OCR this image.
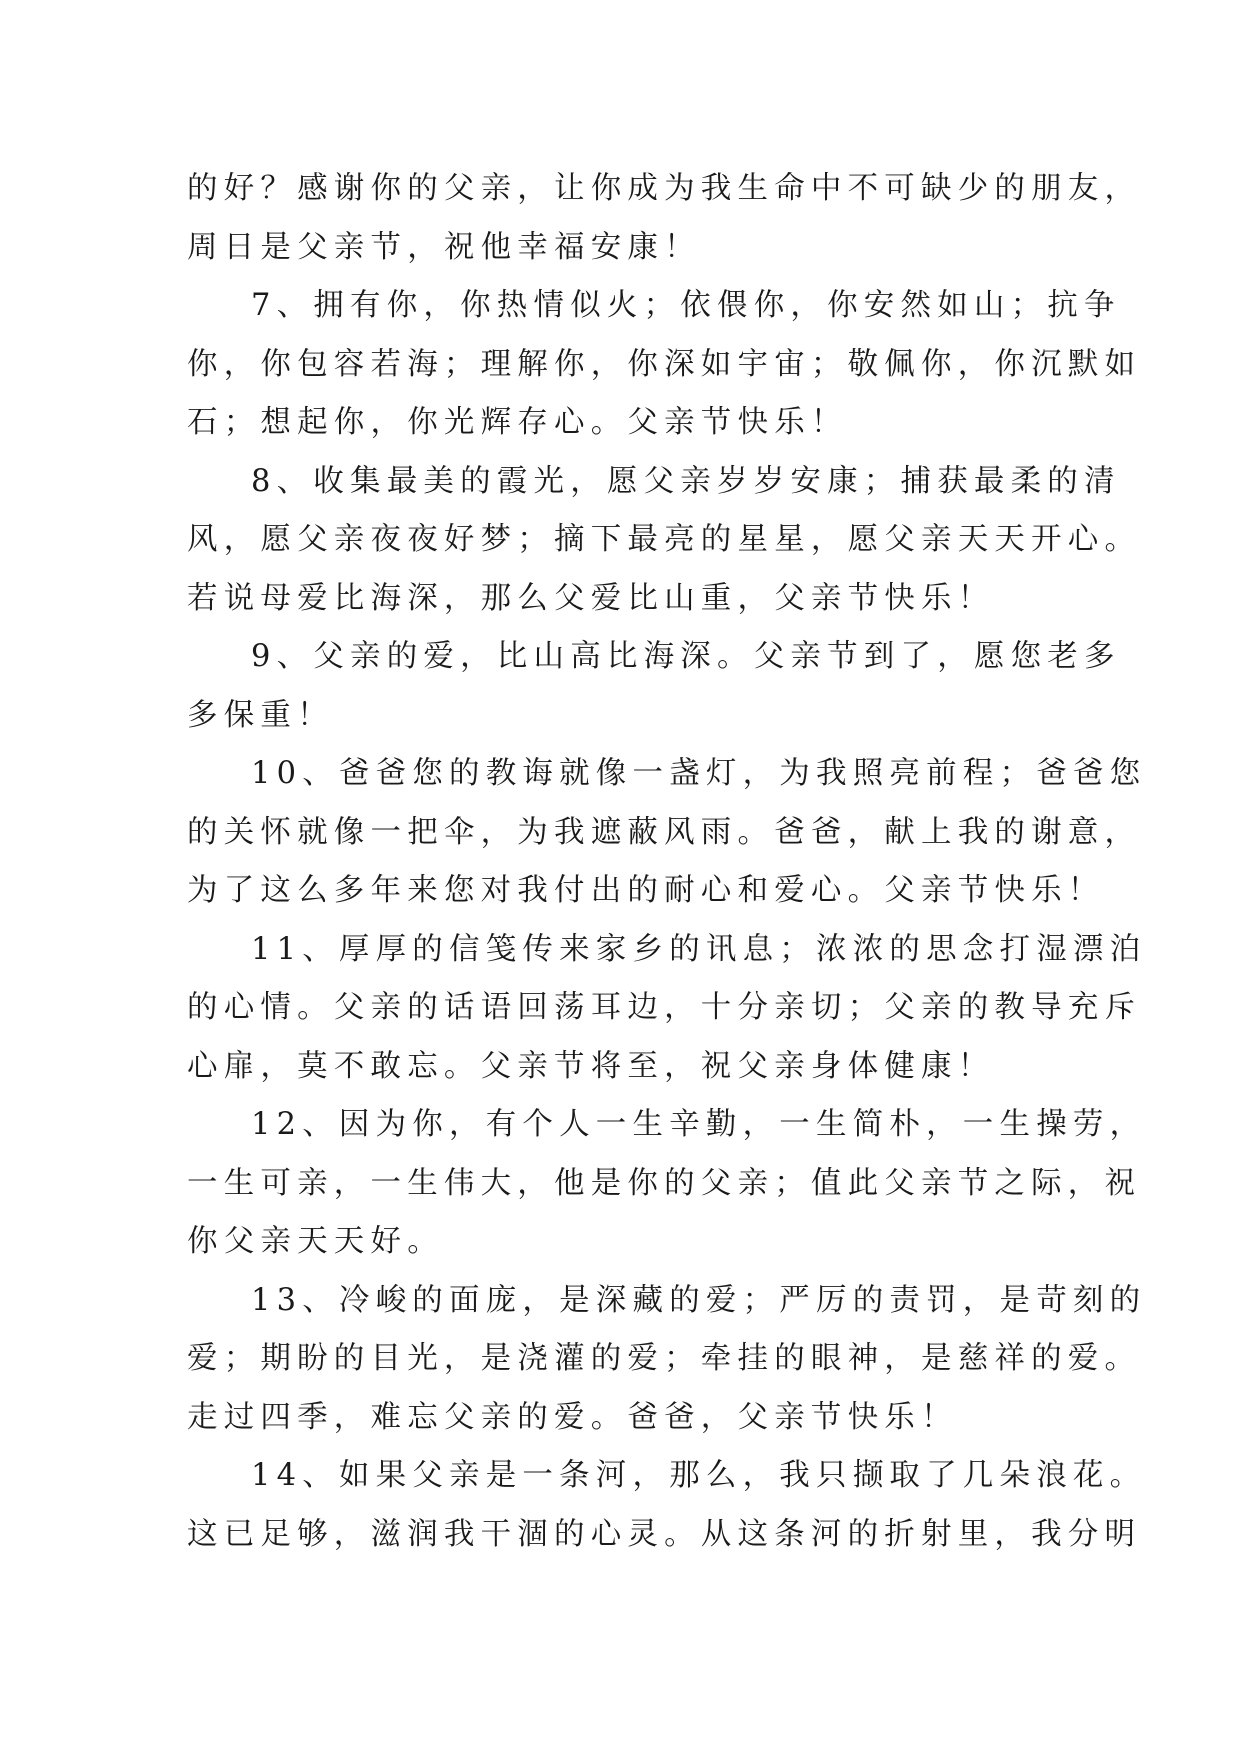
的好？感谢你的父亲，让你成为我生命中不可缺少的朋友，
周日是父亲节，祝他幸福安康！
7、拥有你，你热情似火；依偎你，你安然如山；抗争
你，你包容若海；理解你，你深如宇宙；敬佩你，你沉默如
石；想起你，你光辉存心。父亲节快乐！
8、收集最美的霞光，愿父亲岁岁安康；捕获最柔的清
风，愿父亲夜夜好梦；摘下最亮的星星，愿父亲天天开心。
若说母爱比海深，那么父爱比山重，父亲节快乐！
9、父亲的爱，比山高比海深。父亲节到了，愿您老多
多保重！
10、爸爸您的教诲就像一盏灯，为我照亮前程；爸爸您
的关怀就像一把伞，为我遮蔽风雨。爸爸，献上我的谢意，
为了这么多年来您对我付出的耐心和爱心。父亲节快乐！
11、厚厚的信笺传来家乡的讯息；浓浓的思念打湿漂泊
的心情。父亲的话语回荡耳边，十分亲切；父亲的教导充斥
心扉，莫不敢忘。父亲节将至，祝父亲身体健康！
12、因为你，有个人一生辛勤，一生简朴，一生操劳，
一生可亲，一生伟大，他是你的父亲；值此父亲节之际，祝
你父亲天天好。
13、冷峻的面庞，是深藏的爱；严厉的责罚，是苛刻的
爱；期盼的目光，是浇灌的爱；牵挂的眼神，是慈祥的爱。
走过四季，难忘父亲的爱。爸爸，父亲节快乐！
14、如果父亲是一条河，那么，我只撷取了几朵浪花。
这已足够，滋润我干涸的心灵。从这条河的折射里，我分明
